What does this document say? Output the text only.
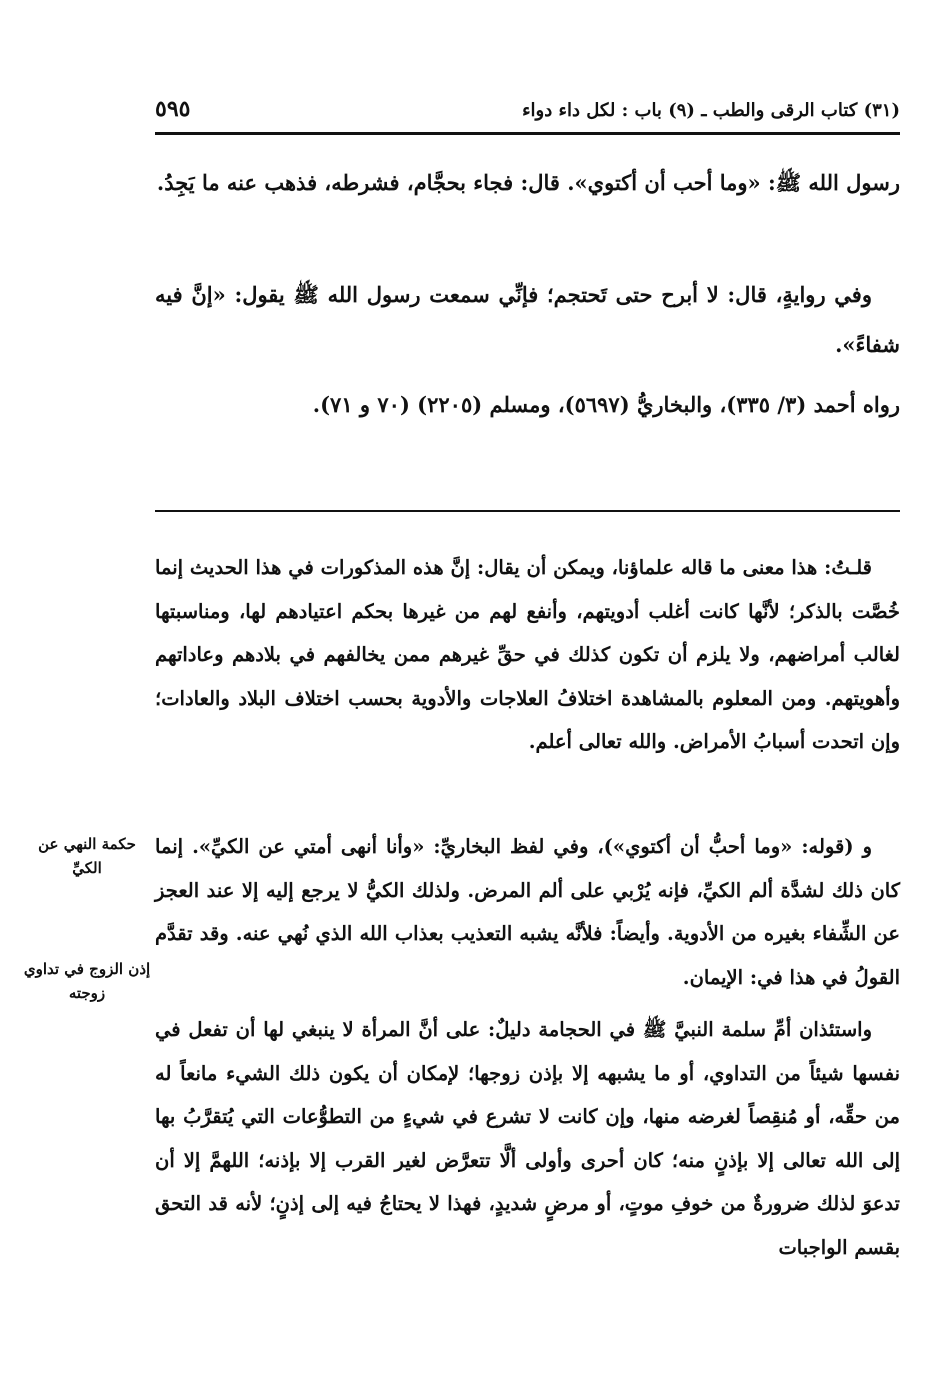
(٣١) كتاب الرقى والطب ـ (٩) باب : لكل داء دواء
٥٩٥
رسول الله ﷺ: «وما أحب أن أكتوي». قال: فجاء بحجَّام، فشرطه، فذهب عنه ما يَجِدُ.
وفي روايةٍ، قال: لا أبرح حتى تَحتجم؛ فإنِّي سمعت رسول الله ﷺ يقول: «إنَّ فيه شفاءً».
رواه أحمد (٣/ ٣٣٥)، والبخاريُّ (٥٦٩٧)، ومسلم (٢٢٠٥) (٧٠ و ٧١).
قلـتُ: هذا معنى ما قاله علماؤنا، ويمكن أن يقال: إنَّ هذه المذكورات في هذا الحديث إنما خُصَّت بالذكر؛ لأنَّها كانت أغلب أدويتهم، وأنفع لهم من غيرها بحكم اعتيادهم لها، ومناسبتها لغالب أمراضهم، ولا يلزم أن تكون كذلك في حقِّ غيرهم ممن يخالفهم في بلادهم وعاداتهم وأهويتهم. ومن المعلوم بالمشاهدة اختلافُ العلاجات والأدوية بحسب اختلاف البلاد والعادات؛ وإن اتحدت أسبابُ الأمراض. والله تعالى أعلم.
و (قوله: «وما أحبُّ أن أكتوي»)، وفي لفظ البخاريِّ: «وأنا أنهى أمتي عن الكيِّ». إنما كان ذلك لشدَّة ألم الكيِّ، فإنه يُرْبي على ألم المرض. ولذلك الكيُّ لا يرجع إليه إلا عند العجز عن الشِّفاء بغيره من الأدوية. وأيضاً: فلأنَّه يشبه التعذيب بعذاب الله الذي نُهي عنه. وقد تقدَّم القولُ في هذا في: الإيمان.
واستئذان أمِّ سلمة النبيَّ ﷺ في الحجامة دليلٌ: على أنَّ المرأة لا ينبغي لها أن تفعل في نفسها شيئاً من التداوي، أو ما يشبهه إلا بإذن زوجها؛ لإمكان أن يكون ذلك الشيء مانعاً له من حقِّه، أو مُنقِصاً لغرضه منها، وإن كانت لا تشرع في شيءٍ من التطوُّعات التي يُتقرَّبُ بها إلى الله تعالى إلا بإذنٍ منه؛ كان أحرى وأولى ألَّا تتعرَّض لغير القرب إلا بإذنه؛ اللهمَّ إلا أن تدعوَ لذلك ضرورةٌ من خوفِ موتٍ، أو مرضٍ شديدٍ، فهذا لا يحتاجُ فيه إلى إذنٍ؛ لأنه قد التحق بقسم الواجبات
حكمة النهي عن الكيِّ
إذن الزوج في تداوي زوجته
